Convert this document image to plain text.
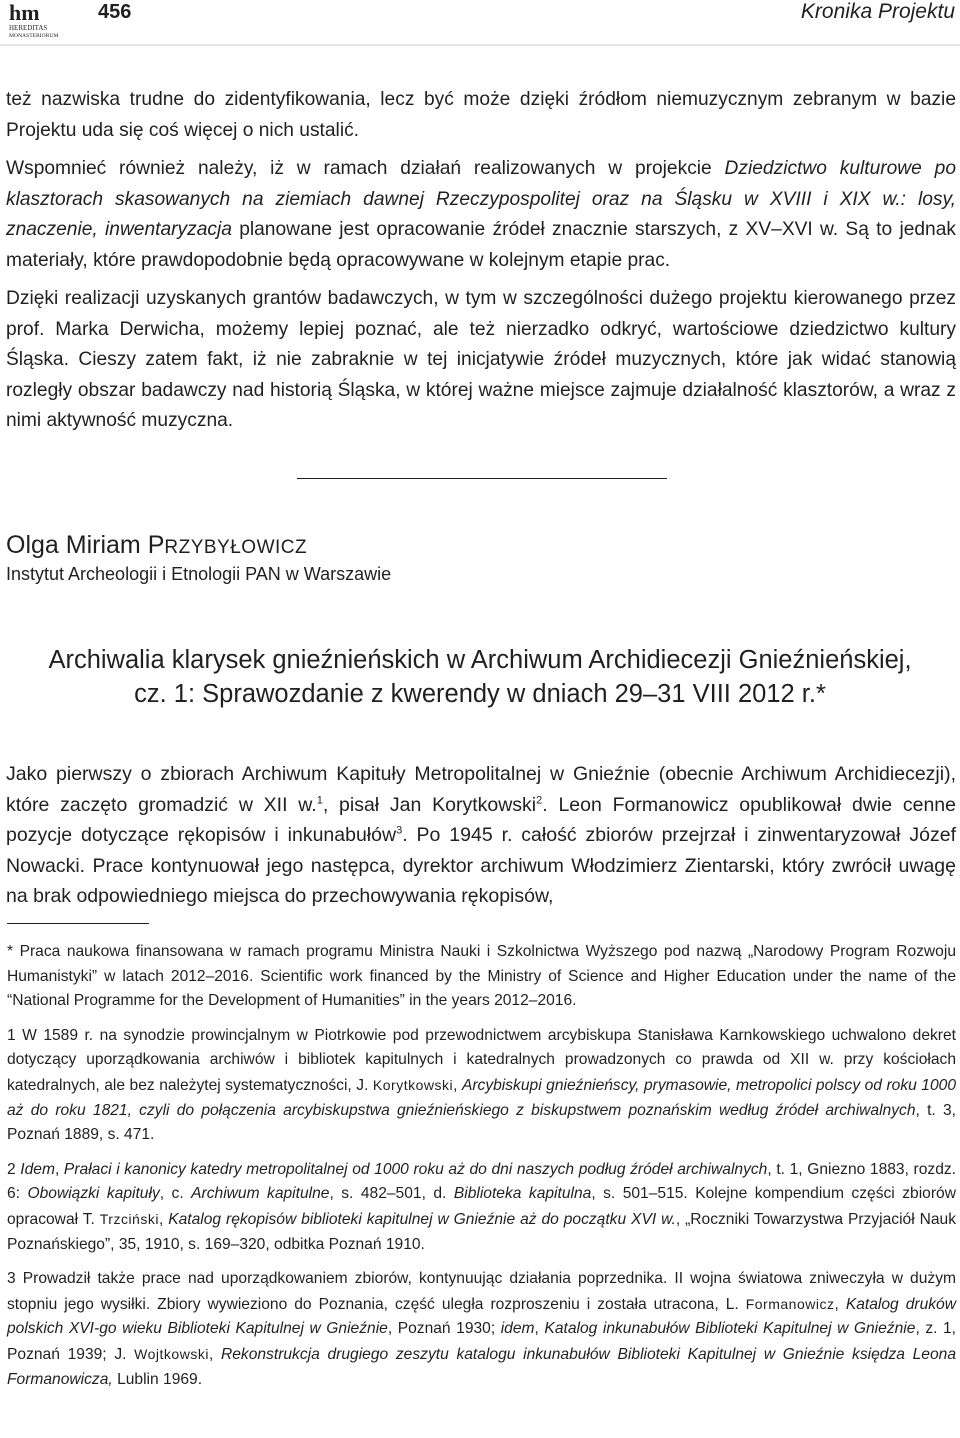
hm
HEREDITAS
MONASTERIORUM
456	Kronika Projektu

też nazwiska trudne do zidentyfikowania, lecz być może dzięki źródłom niemuzycznym zebranym w bazie Projektu uda się coś więcej o nich ustalić.

Wspomnieć również należy, iż w ramach działań realizowanych w projekcie Dziedzictwo kulturowe po klasztorach skasowanych na ziemiach dawnej Rzeczypospolitej oraz na Śląsku w XVIII i XIX w.: losy, znaczenie, inwentaryzacja planowane jest opracowanie źródeł znacznie starszych, z XV–XVI w. Są to jednak materiały, które prawdopodobnie będą opracowywane w kolejnym etapie prac.

Dzięki realizacji uzyskanych grantów badawczych, w tym w szczególności dużego projektu kierowanego przez prof. Marka Derwicha, możemy lepiej poznać, ale też nierzadko odkryć, wartościowe dziedzictwo kultury Śląska. Cieszy zatem fakt, iż nie zabraknie w tej inicjatywie źródeł muzycznych, które jak widać stanowią rozległy obszar badawczy nad historią Śląska, w której ważne miejsce zajmuje działalność klasztorów, a wraz z nimi aktywność muzyczna.

Olga Miriam PRZYBYŁOWICZ
Instytut Archeologii i Etnologii PAN w Warszawie
Archiwalia klarysek gnieźnieńskich w Archiwum Archidiecezji Gnieźnieńskiej,
cz. 1: Sprawozdanie z kwerendy w dniach 29–31 VIII 2012 r.*
Jako pierwszy o zbiorach Archiwum Kapituły Metropolitalnej w Gnieźnie (obecnie Archiwum Archidiecezji), które zaczęto gromadzić w XII w.$^1$, pisał Jan Korytkowski$^2$. Leon Formanowicz opublikował dwie cenne pozycje dotyczące rękopisów i inkunabułów$^3$. Po 1945 r. całość zbiorów przejrzał i zinwentaryzował Józef Nowacki. Prace kontynuował jego następca, dyrektor archiwum Włodzimierz Zientarski, który zwrócił uwagę na brak odpowiedniego miejsca do przechowywania rękopisów,

* Praca naukowa finansowana w ramach programu Ministra Nauki i Szkolnictwa Wyższego pod nazwą „Narodowy Program Rozwoju Humanistyki” w latach 2012–2016. Scientific work financed by the Ministry of Science and Higher Education under the name of the “National Programme for the Development of Humanities” in the years 2012–2016.

1 W 1589 r. na synodzie prowincjalnym w Piotrkowie pod przewodnictwem arcybiskupa Stanisława Karnkowskiego uchwalono dekret dotyczący uporządkowania archiwów i bibliotek kapitulnych i katedralnych prowadzonych co prawda od XII w. przy kościołach katedralnych, ale bez należytej systematyczności, J. Korytkowski, Arcybiskupi gnieźnieńscy, prymasowie, metropolici polscy od roku 1000 aż do roku 1821, czyli do połączenia arcybiskupstwa gnieźnieńskiego z biskupstwem poznańskim według źródeł archiwalnych, t. 3, Poznań 1889, s. 471.

2 Idem, Prałaci i kanonicy katedry metropolitalnej od 1000 roku aż do dni naszych podług źródeł archiwalnych, t. 1, Gniezno 1883, rozdz. 6: Obowiązki kapituły, c. Archiwum kapitulne, s. 482–501, d. Biblioteka kapitulna, s. 501–515. Kolejne kompendium części zbiorów opracował T. Trzciński, Katalog rękopisów biblioteki kapitulnej w Gnieźnie aż do początku XVI w., „Roczniki Towarzystwa Przyjaciół Nauk Poznańskiego”, 35, 1910, s. 169–320, odbitka Poznań 1910.

3 Prowadził także prace nad uporządkowaniem zbiorów, kontynuując działania poprzednika. II wojna światowa zniweczyła w dużym stopniu jego wysiłki. Zbiory wywieziono do Poznania, część uległa rozproszeniu i została utracona, L. Formanowicz, Katalog druków polskich XVI-go wieku Biblioteki Kapitulnej w Gnieźnie, Poznań 1930; idem, Katalog inkunabułów Biblioteki Kapitulnej w Gnieźnie, z. 1, Poznań 1939; J. Wojtkowski, Rekonstrukcja drugiego zeszytu katalogu inkunabułów Biblioteki Kapitulnej w Gnieźnie księdza Leona Formanowicza, Lublin 1969.
